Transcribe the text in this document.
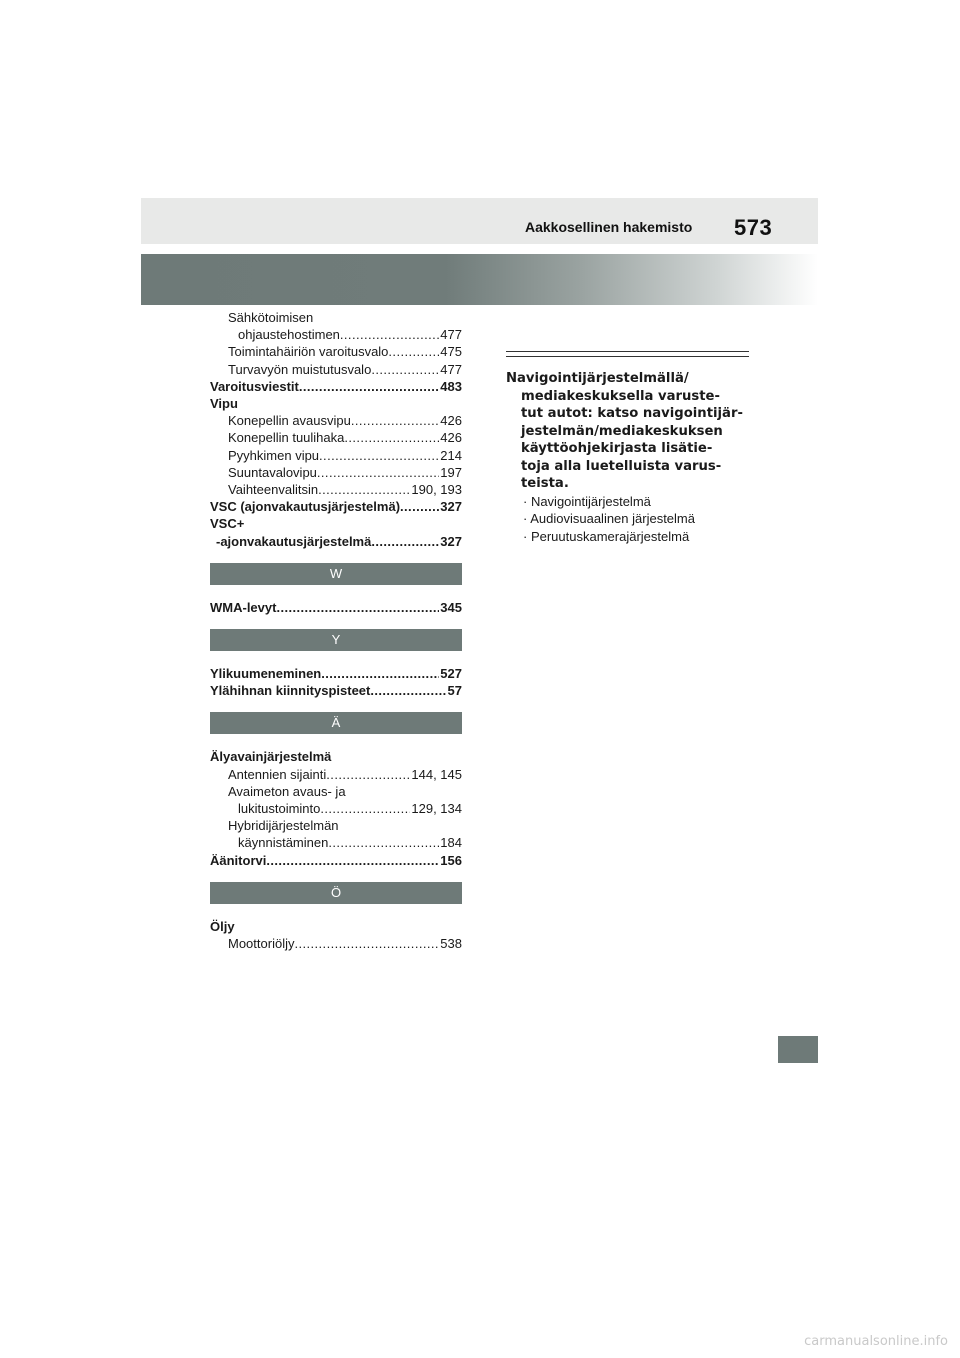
Aakkosellinen hakemisto 573
Sähkötoimisen
ohjaustehostimen .....	477
Toimintahäiriön varoitusvalo .....	475
Turvavyön muistutusvalo .....	477
Varoitusviestit .....	483
Vipu
Konepellin avausvipu .....	426
Konepellin tuulihaka .....	426
Pyyhkimen vipu .....	214
Suuntavalovipu .....	197
Vaihteenvalitsin .....	190, 193
VSC (ajonvakautusjärjestelmä) .....	327
VSC+
-ajonvakautusjärjestelmä .....	327
W
WMA-levyt .....	345
Y
Ylikuumeneminen .....	527
Ylähihnan kiinnityspisteet .....	57
Ä
Älyavainjärjestelmä
Antennien sijainti .....	144, 145
Avaimeton avaus- ja
lukitustoiminto .....	129, 134
Hybridijärjestelmän
käynnistäminen .....	184
Äänitorvi .....	156
Ö
Öljy
Moottoriöljy .....	538
Navigointijärjestelmällä/
mediakeskuksella varuste-
tut autot: katso navigointijär-
jestelmän/mediakeskuksen
käyttöohjekirjasta lisätie-
toja alla luetelluista varus-
teista.
· Navigointijärjestelmä
· Audiovisuaalinen järjestelmä
· Peruutuskamerajärjestelmä
carmanualsonline.info
